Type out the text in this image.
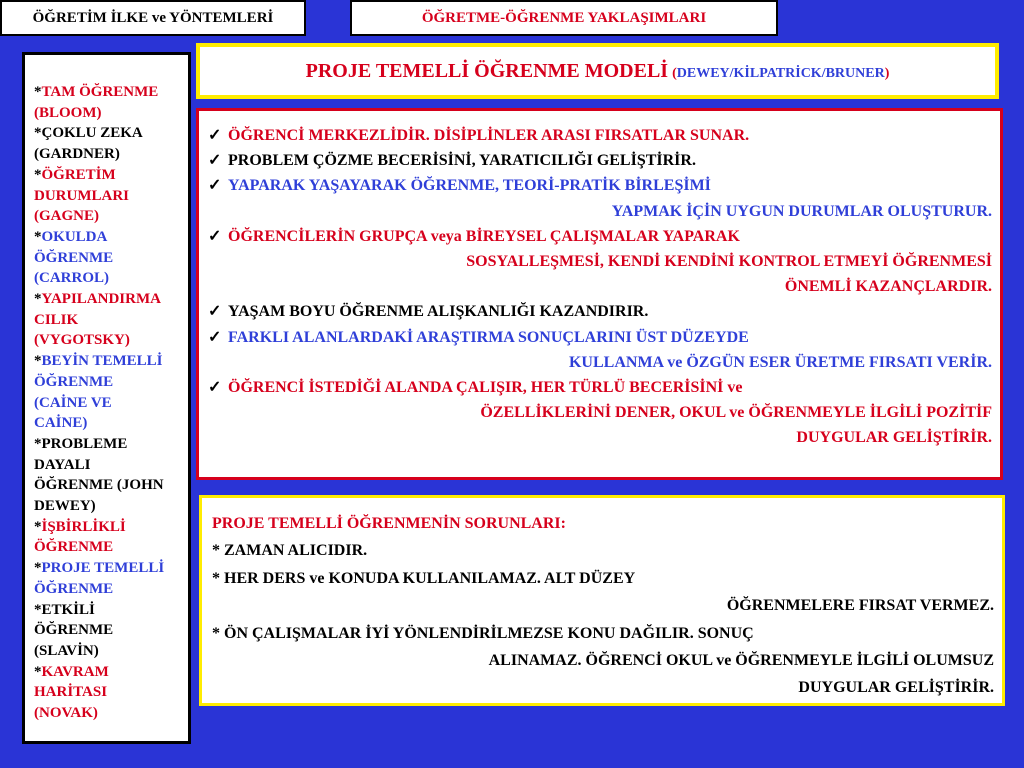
ÖĞRETİM İLKE ve YÖNTEMLERİ	ÖĞRETME-ÖĞRENME YAKLAŞIMLARI
*TAM ÖĞRENME
(BLOOM)
*ÇOKLU ZEKA
(GARDNER)
*ÖĞRETİM
DURUMLARI
(GAGNE)
*OKULDA
ÖĞRENME
(CARROL)
*YAPILANDIRMA
CILIK
(VYGOTSKY)
*BEYİN TEMELLİ
ÖĞRENME
(CAİNE VE
CAİNE)
*PROBLEME
DAYALI
ÖĞRENME (JOHN
DEWEY)
*İŞBİRLİKLİ
ÖĞRENME
*PROJE TEMELLİ
ÖĞRENME
*ETKİLİ
ÖĞRENME
(SLAVİN)
*KAVRAM
HARİTASI
(NOVAK)
PROJE TEMELLİ ÖĞRENME MODELİ (DEWEY/KİLPATRİCK/BRUNER)
✓ ÖĞRENCİ MERKEZLİDİR. DİSİPLİNLER ARASI FIRSATLAR SUNAR.
✓ PROBLEM ÇÖZME BECERİSİNİ, YARATICILIĞI GELİŞTİRİR.
✓ YAPARAK YAŞAYARAK ÖĞRENME, TEORİ-PRATİK BİRLEŞİMİ
YAPMAK İÇİN UYGUN DURUMLAR OLUŞTURUR.
✓ ÖĞRENCİLERİN GRUPÇA veya BİREYSEL ÇALIŞMALAR YAPARAK
SOSYALLEŞMESİ, KENDİ KENDİNİ KONTROL ETMEYİ ÖĞRENMESİ
ÖNEMLİ KAZANÇLARDIR.
✓ YAŞAM BOYU ÖĞRENME ALIŞKANLIĞI KAZANDIRIR.
✓ FARKLI ALANLARDAKİ ARAŞTIRMA SONUÇLARINI ÜST DÜZEYDE
KULLANMA ve ÖZGÜN ESER ÜRETME FIRSATI VERİR.
✓ ÖĞRENCİ İSTEDİĞİ ALANDA ÇALIŞIR, HER TÜRLÜ BECERİSİNİ ve
ÖZELLİKLERİNİ DENER, OKUL ve ÖĞRENMEYLE İLGİLİ POZİTİF
DUYGULAR GELİŞTİRİR.
PROJE TEMELLİ ÖĞRENMENİN SORUNLARI:
* ZAMAN ALICIDIR.
* HER DERS ve KONUDA KULLANILAMAZ. ALT DÜZEY
ÖĞRENMELERE FIRSAT VERMEZ.
* ÖN ÇALIŞMALAR İYİ YÖNLENDİRİLMEZSE KONU DAĞILIR. SONUÇ
ALINAMAZ. ÖĞRENCİ OKUL ve ÖĞRENMEYLE İLGİLİ OLUMSUZ
DUYGULAR GELİŞTİRİR.
